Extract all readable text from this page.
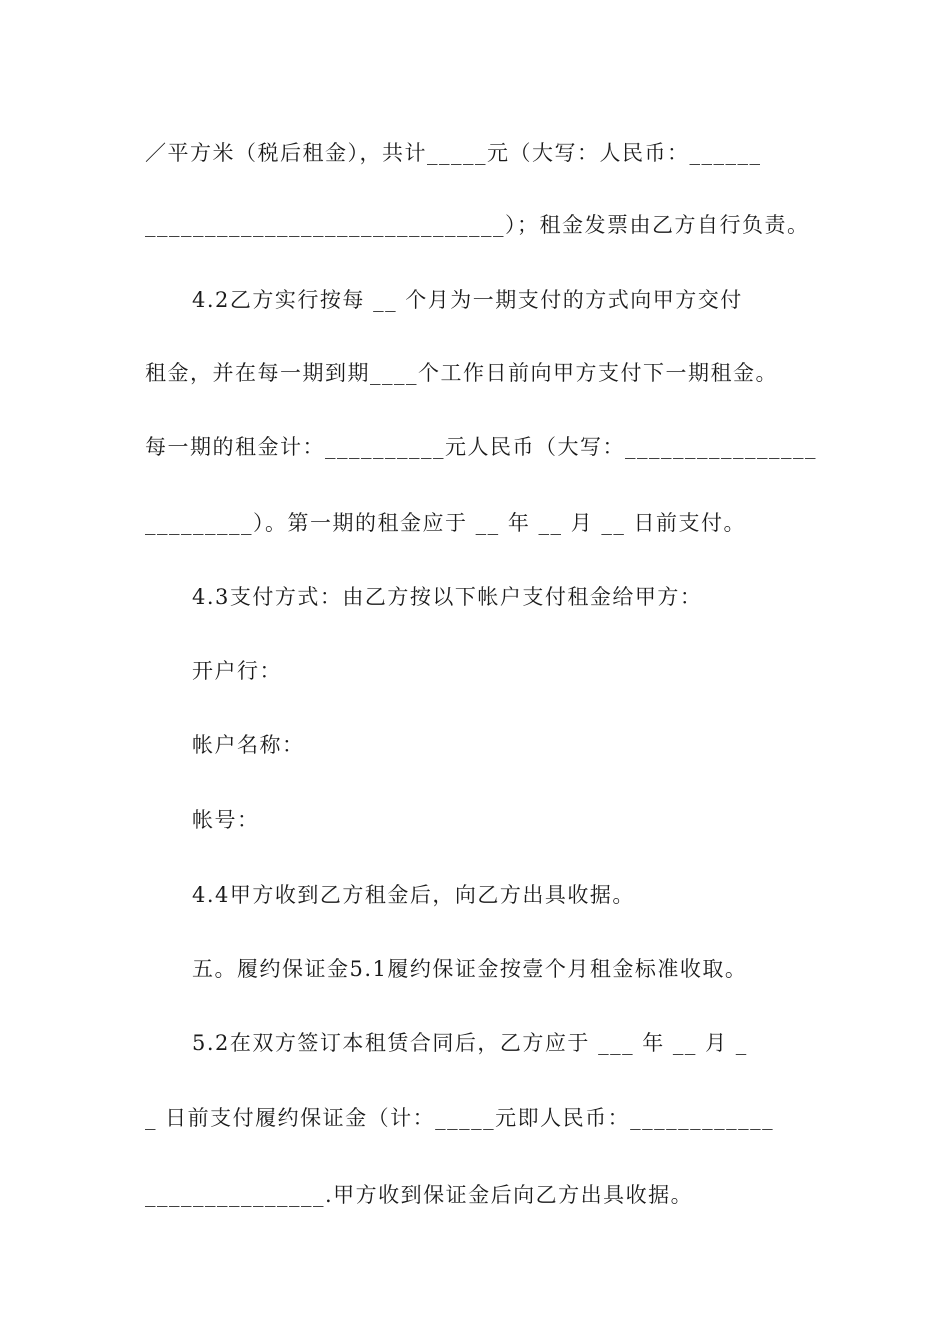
／平方米（税后租金），共计_____元（大写：人民币：______
______________________________）；租金发票由乙方自行负责。
4.2乙方实行按每 __ 个月为一期支付的方式向甲方交付
租金，并在每一期到期____个工作日前向甲方支付下一期租金。
每一期的租金计：__________元人民币（大写：________________
_________）。第一期的租金应于 __ 年 __ 月 __ 日前支付。
4.3支付方式：由乙方按以下帐户支付租金给甲方：
开户行：
帐户名称：
帐号：
4.4甲方收到乙方租金后，向乙方出具收据。
五。履约保证金5.1履约保证金按壹个月租金标准收取。
5.2在双方签订本租赁合同后，乙方应于 ___ 年 __ 月 _
_ 日前支付履约保证金（计：_____元即人民币：____________
_______________.甲方收到保证金后向乙方出具收据。
